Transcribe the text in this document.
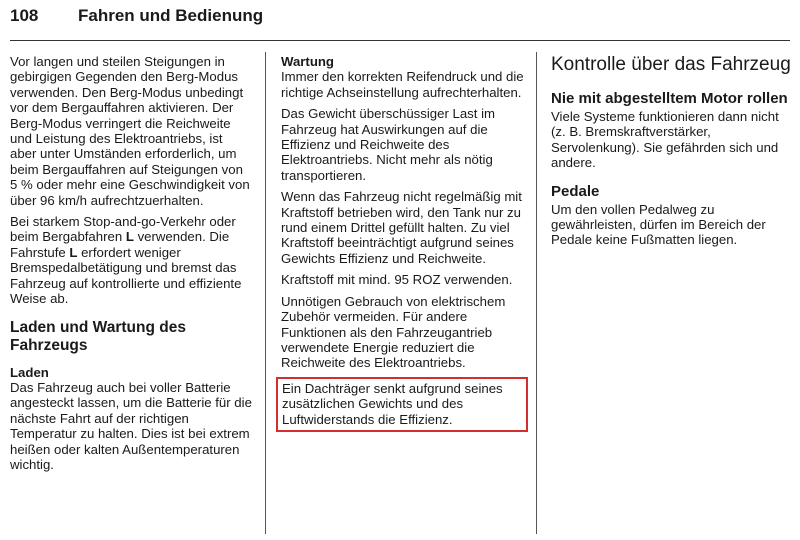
108 Fahren und Bedienung

Vor langen und steilen Steigungen in gebirgigen Gegenden den Berg-Modus verwenden. Den Berg-Modus unbedingt vor dem Bergauffahren aktivieren. Der Berg-Modus verringert die Reichweite und Leistung des Elektroantriebs, ist aber unter Umständen erforderlich, um beim Bergauffahren auf Steigungen von 5 % oder mehr eine Geschwindigkeit von über 96 km/h aufrechtzuerhalten.

Bei starkem Stop-and-go-Verkehr oder beim Bergabfahren L verwenden. Die Fahrstufe L erfordert weniger Bremspedalbetätigung und bremst das Fahrzeug auf kontrollierte und effiziente Weise ab.

Laden und Wartung des Fahrzeugs

Laden

Das Fahrzeug auch bei voller Batterie angesteckt lassen, um die Batterie für die nächste Fahrt auf der richtigen Temperatur zu halten. Dies ist bei extrem heißen oder kalten Außentemperaturen wichtig.

Wartung

Immer den korrekten Reifendruck und die richtige Achseinstellung aufrechterhalten.

Das Gewicht überschüssiger Last im Fahrzeug hat Auswirkungen auf die Effizienz und Reichweite des Elektroantriebs. Nicht mehr als nötig transportieren.

Wenn das Fahrzeug nicht regelmäßig mit Kraftstoff betrieben wird, den Tank nur zu rund einem Drittel gefüllt halten. Zu viel Kraftstoff beeinträchtigt aufgrund seines Gewichts Effizienz und Reichweite.

Kraftstoff mit mind. 95 ROZ verwenden.

Unnötigen Gebrauch von elektrischem Zubehör vermeiden. Für andere Funktionen als den Fahrzeugantrieb verwendete Energie reduziert die Reichweite des Elektroantriebs.

Ein Dachträger senkt aufgrund seines zusätzlichen Gewichts und des Luftwiderstands die Effizienz.
Kontrolle über das Fahrzeug
Nie mit abgestelltem Motor rollen

Viele Systeme funktionieren dann nicht (z. B. Bremskraftverstärker, Servolenkung). Sie gefährden sich und andere.

Pedale

Um den vollen Pedalweg zu gewährleisten, dürfen im Bereich der Pedale keine Fußmatten liegen.
